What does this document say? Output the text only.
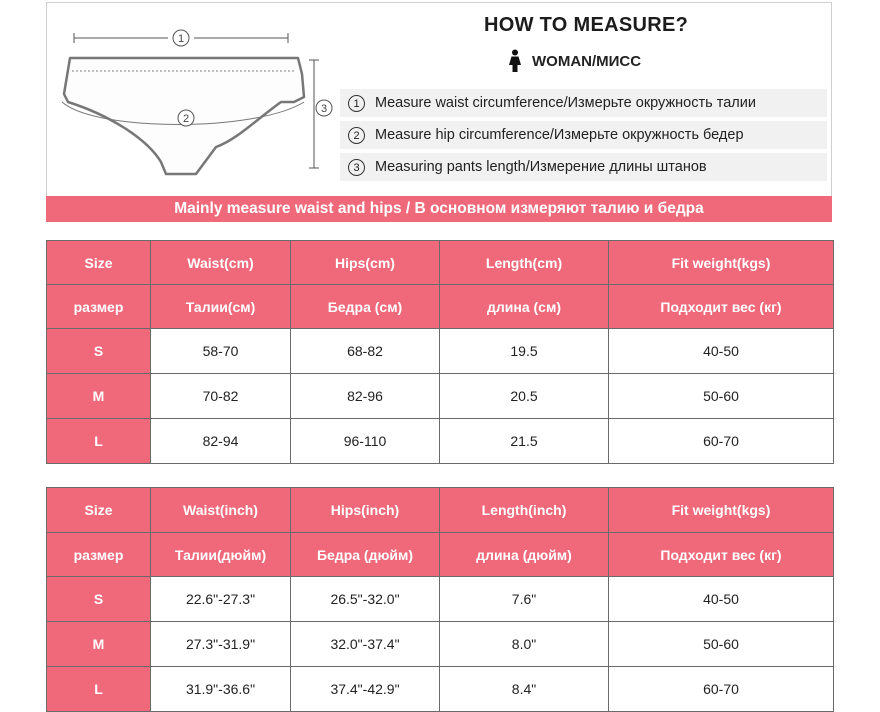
1
2
3
HOW TO MEASURE?
WOMAN/МИСС
1	Measure waist circumference/Измерьте окружность талии
2	Measure hip circumference/Измерьте окружность бедер
3	Measuring pants length/Измерение длины штанов
Mainly measure waist and hips / В основном измеряют талию и бедра
Size	Waist(cm)	Hips(cm)	Length(cm)	Fit weight(kgs)
размер	Талии(см)	Бедра (см)	длина (см)	Подходит вес (кг)
S	58-70	68-82	19.5	40-50
M	70-82	82-96	20.5	50-60
L	82-94	96-110	21.5	60-70
Size	Waist(inch)	Hips(inch)	Length(inch)	Fit weight(kgs)
размер	Талии(дюйм)	Бедра (дюйм)	длина (дюйм)	Подходит вес (кг)
S	22.6"-27.3"	26.5"-32.0"	7.6"	40-50
M	27.3"-31.9"	32.0"-37.4"	8.0"	50-60
L	31.9"-36.6"	37.4"-42.9"	8.4"	60-70
